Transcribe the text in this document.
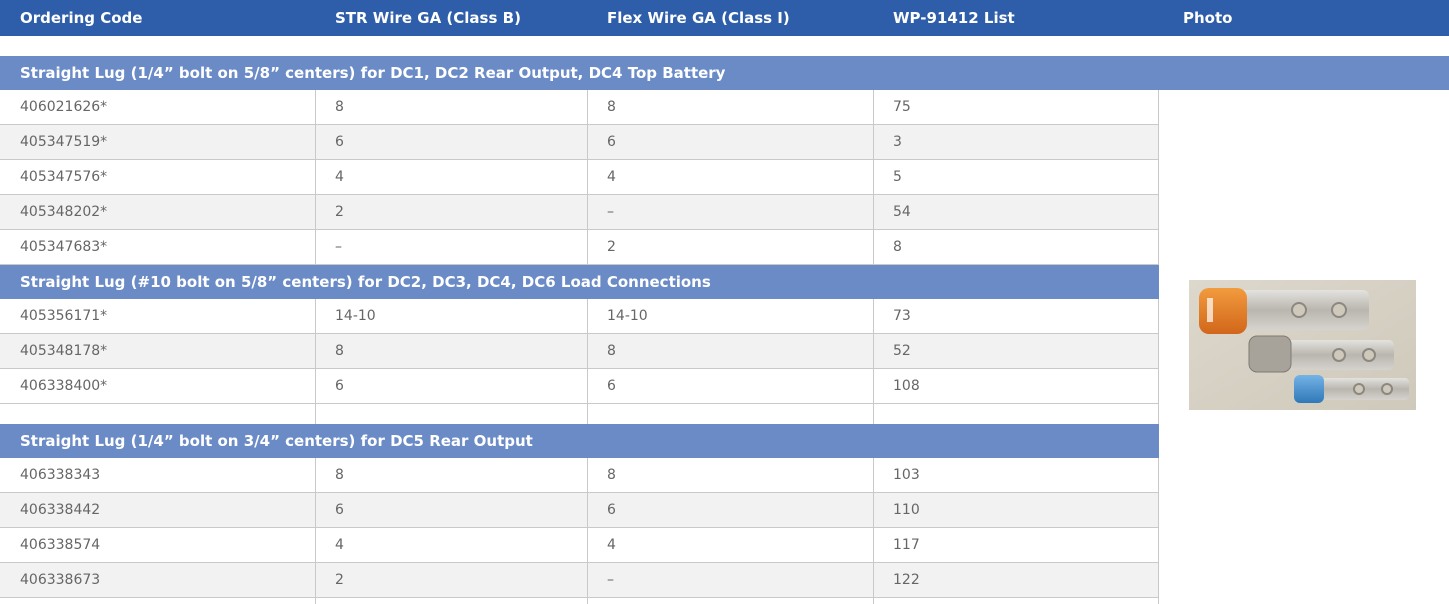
Ordering Code	STR Wire GA (Class B)	Flex Wire GA (Class I)	WP-91412 List	Photo
Straight Lug (1/4” bolt on 5/8” centers) for DC1, DC2 Rear Output, DC4 Top Battery
406021626*	8	8	75
405347519*	6	6	3
405347576*	4	4	5
405348202*	2	–	54
405347683*	–	2	8
Straight Lug (#10 bolt on 5/8” centers) for DC2, DC3, DC4, DC6 Load Connections
405356171*	14-10	14-10	73
405348178*	8	8	52
406338400*	6	6	108
Straight Lug (1/4” bolt on 3/4” centers) for DC5 Rear Output
406338343	8	8	103
406338442	6	6	110
406338574	4	4	117
406338673	2	–	122
